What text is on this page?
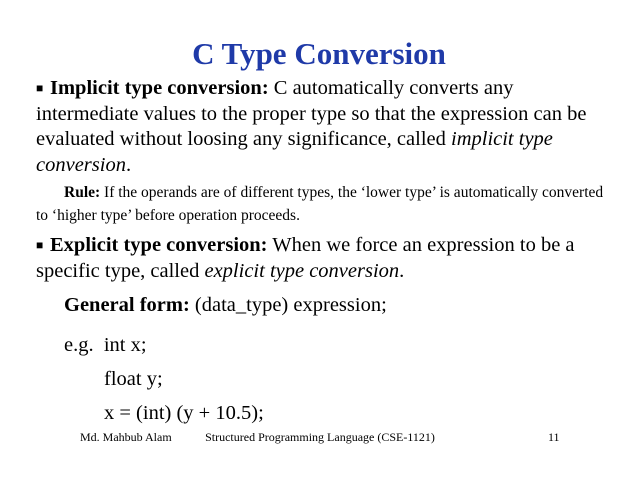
C Type Conversion
■ Implicit type conversion: C automatically converts any intermediate values to the proper type so that the expression can be evaluated without loosing any significance, called implicit type conversion.
Rule: If the operands are of different types, the ‘lower type’ is automatically converted to ‘higher type’ before operation proceeds.
■ Explicit type conversion: When we force an expression to be a specific type, called explicit type conversion.
General form: (data_type) expression;
e.g.  int x;
float y;
x = (int) (y + 10.5);
Md. Mahbub Alam	Structured Programming Language (CSE-1121)	11
